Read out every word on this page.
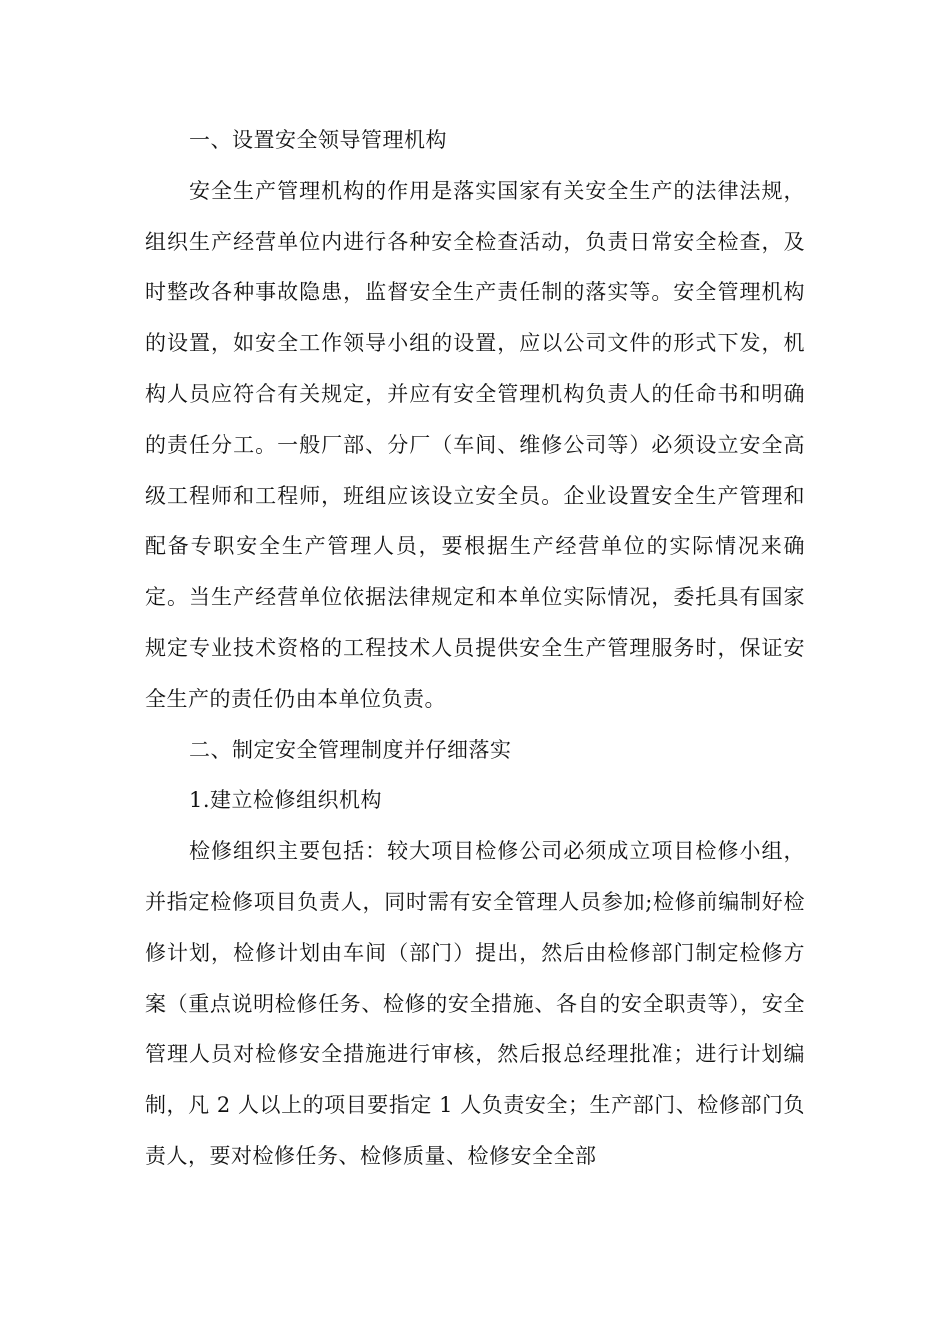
一、设置安全领导管理机构

安全生产管理机构的作用是落实国家有关安全生产的法律法规，组织生产经营单位内进行各种安全检查活动，负责日常安全检查，及时整改各种事故隐患，监督安全生产责任制的落实等。安全管理机构的设置，如安全工作领导小组的设置，应以公司文件的形式下发，机构人员应符合有关规定，并应有安全管理机构负责人的任命书和明确的责任分工。一般厂部、分厂（车间、维修公司等）必须设立安全高级工程师和工程师，班组应该设立安全员。企业设置安全生产管理和配备专职安全生产管理人员，要根据生产经营单位的实际情况来确定。当生产经营单位依据法律规定和本单位实际情况，委托具有国家规定专业技术资格的工程技术人员提供安全生产管理服务时，保证安全生产的责任仍由本单位负责。

二、制定安全管理制度并仔细落实

1.建立检修组织机构

检修组织主要包括：较大项目检修公司必须成立项目检修小组，并指定检修项目负责人，同时需有安全管理人员参加;检修前编制好检修计划，检修计划由车间（部门）提出，然后由检修部门制定检修方案（重点说明检修任务、检修的安全措施、各自的安全职责等），安全管理人员对检修安全措施进行审核，然后报总经理批准；进行计划编制，凡 2 人以上的项目要指定 1 人负责安全；生产部门、检修部门负责人，要对检修任务、检修质量、检修安全全部
